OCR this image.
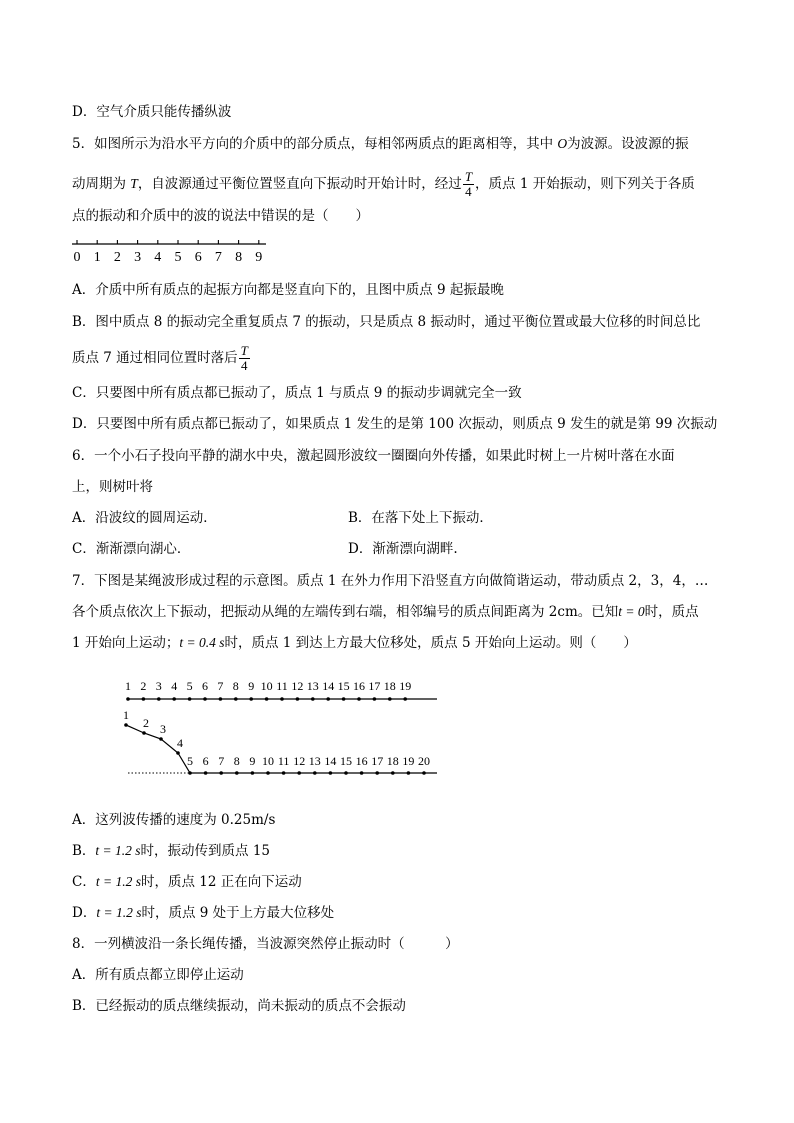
D．空气介质只能传播纵波
5．如图所示为沿水平方向的介质中的部分质点，每相邻两质点的距离相等，其中 O为波源。设波源的振
动周期为 T，自波源通过平衡位置竖直向下振动时开始计时，经过 $\frac{T}{4}$ ，质点 1 开始振动，则下列关于各质
点的振动和介质中的波的说法中错误的是（　　）
0 1 2 3 4 5 6 7 8 9
A．介质中所有质点的起振方向都是竖直向下的，且图中质点 9 起振最晚
B．图中质点 8 的振动完全重复质点 7 的振动，只是质点 8 振动时，通过平衡位置或最大位移的时间总比
质点 7 通过相同位置时落后 $\frac{T}{4}$
C．只要图中所有质点都已振动了，质点 1 与质点 9 的振动步调就完全一致
D．只要图中所有质点都已振动了，如果质点 1 发生的是第 100 次振动，则质点 9 发生的就是第 99 次振动
6．一个小石子投向平静的湖水中央，激起圆形波纹一圈圈向外传播，如果此时树上一片树叶落在水面
上，则树叶将
A．沿波纹的圆周运动．	B．在落下处上下振动．
C．渐渐漂向湖心．	D．渐渐漂向湖畔.
7．下图是某绳波形成过程的示意图。质点 1 在外力作用下沿竖直方向做简谐运动，带动质点 2，3，4，…
各个质点依次上下振动，把振动从绳的左端传到右端，相邻编号的质点间距离为 2cm。已知t = 0时，质点
1 开始向上运动；t = 0.4 s时，质点 1 到达上方最大位移处，质点 5 开始向上运动。则（　　）
1 2 3 4 5 6 7 8 9 10 11 12 13 14 15 16 17 18 19
1
2 3
4
5 6 7 8 9 10 11 12 13 14 15 16 17 18 19 20
A．这列波传播的速度为 0.25m/s
B．t = 1.2 s时，振动传到质点 15
C．t = 1.2 s时，质点 12 正在向下运动
D．t = 1.2 s时，质点 9 处于上方最大位移处
8．一列横波沿一条长绳传播，当波源突然停止振动时（　　　）
A．所有质点都立即停止运动
B．已经振动的质点继续振动，尚未振动的质点不会振动
